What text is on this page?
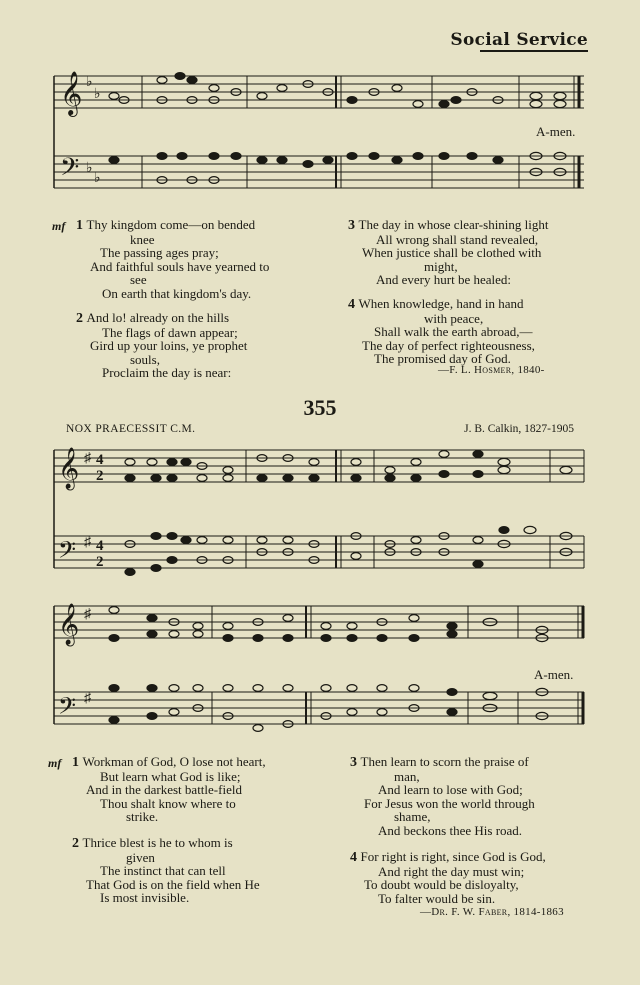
Social Service
𝄞
𝄢
♭
♭
♭
♭
A-men.
mf 1 Thy kingdom come—on bended
knee
The passing ages pray;
And faithful souls have yearned to
see
On earth that kingdom's day.
2 And lo! already on the hills
The flags of dawn appear;
Gird up your loins, ye prophet
souls,
Proclaim the day is near:
3 The day in whose clear-shining light
All wrong shall stand revealed,
When justice shall be clothed with
might,
And every hurt be healed:
4 When knowledge, hand in hand
with peace,
Shall walk the earth abroad,—
The day of perfect righteousness,
The promised day of God.
—F. L. Hosmer, 1840-
355
NOX PRAECESSIT C.M.	J. B. Calkin, 1827-1905
𝄞
𝄢
♯
♯
4
2
4
2
𝄞
𝄢
♯
♯
A-men.
mf 1 Workman of God, O lose not heart,
But learn what God is like;
And in the darkest battle-field
Thou shalt know where to
strike.
2 Thrice blest is he to whom is
given
The instinct that can tell
That God is on the field when He
Is most invisible.
3 Then learn to scorn the praise of
man,
And learn to lose with God;
For Jesus won the world through
shame,
And beckons thee His road.
4 For right is right, since God is God,
And right the day must win;
To doubt would be disloyalty,
To falter would be sin.
—Dr. F. W. Faber, 1814-1863
